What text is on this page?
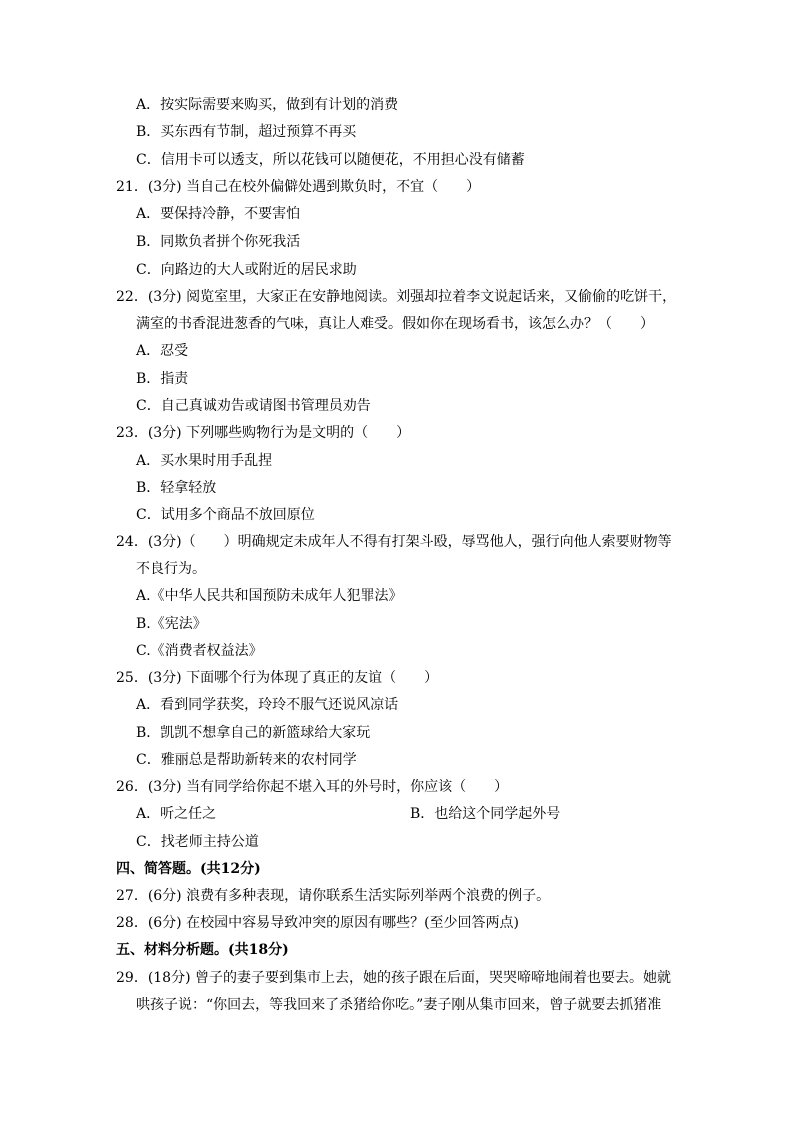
A．按实际需要来购买，做到有计划的消费
B．买东西有节制，超过预算不再买
C．信用卡可以透支，所以花钱可以随便花，不用担心没有储蓄
21．(3分) 当自己在校外偏僻处遇到欺负时，不宜（　　）
A．要保持冷静，不要害怕
B．同欺负者拼个你死我活
C．向路边的大人或附近的居民求助
22．(3分) 阅览室里，大家正在安静地阅读。刘强却拉着李文说起话来，又偷偷的吃饼干，
满室的书香混进葱香的气味，真让人难受。假如你在现场看书，该怎么办？（　　）
A．忍受
B．指责
C．自己真诚劝告或请图书管理员劝告
23．(3分) 下列哪些购物行为是文明的（　　）
A．买水果时用手乱捏
B．轻拿轻放
C．试用多个商品不放回原位
24．(3分)（　　）明确规定未成年人不得有打架斗殴，辱骂他人，强行向他人索要财物等
不良行为。
A.《中华人民共和国预防未成年人犯罪法》
B.《宪法》
C.《消费者权益法》
25．(3分) 下面哪个行为体现了真正的友谊（　　）
A．看到同学获奖，玲玲不服气还说风凉话
B．凯凯不想拿自己的新篮球给大家玩
C．雅丽总是帮助新转来的农村同学
26．(3分) 当有同学给你起不堪入耳的外号时，你应该（　　）
A．听之任之	B．也给这个同学起外号
C．找老师主持公道
四、简答题。(共12分)
27．(6分) 浪费有多种表现，请你联系生活实际列举两个浪费的例子。
28．(6分) 在校园中容易导致冲突的原因有哪些？(至少回答两点)
五、材料分析题。(共18分)
29．(18分) 曾子的妻子要到集市上去，她的孩子跟在后面，哭哭啼啼地闹着也要去。她就
哄孩子说：“你回去，等我回来了杀猪给你吃。”妻子刚从集市回来，曾子就要去抓猪准
